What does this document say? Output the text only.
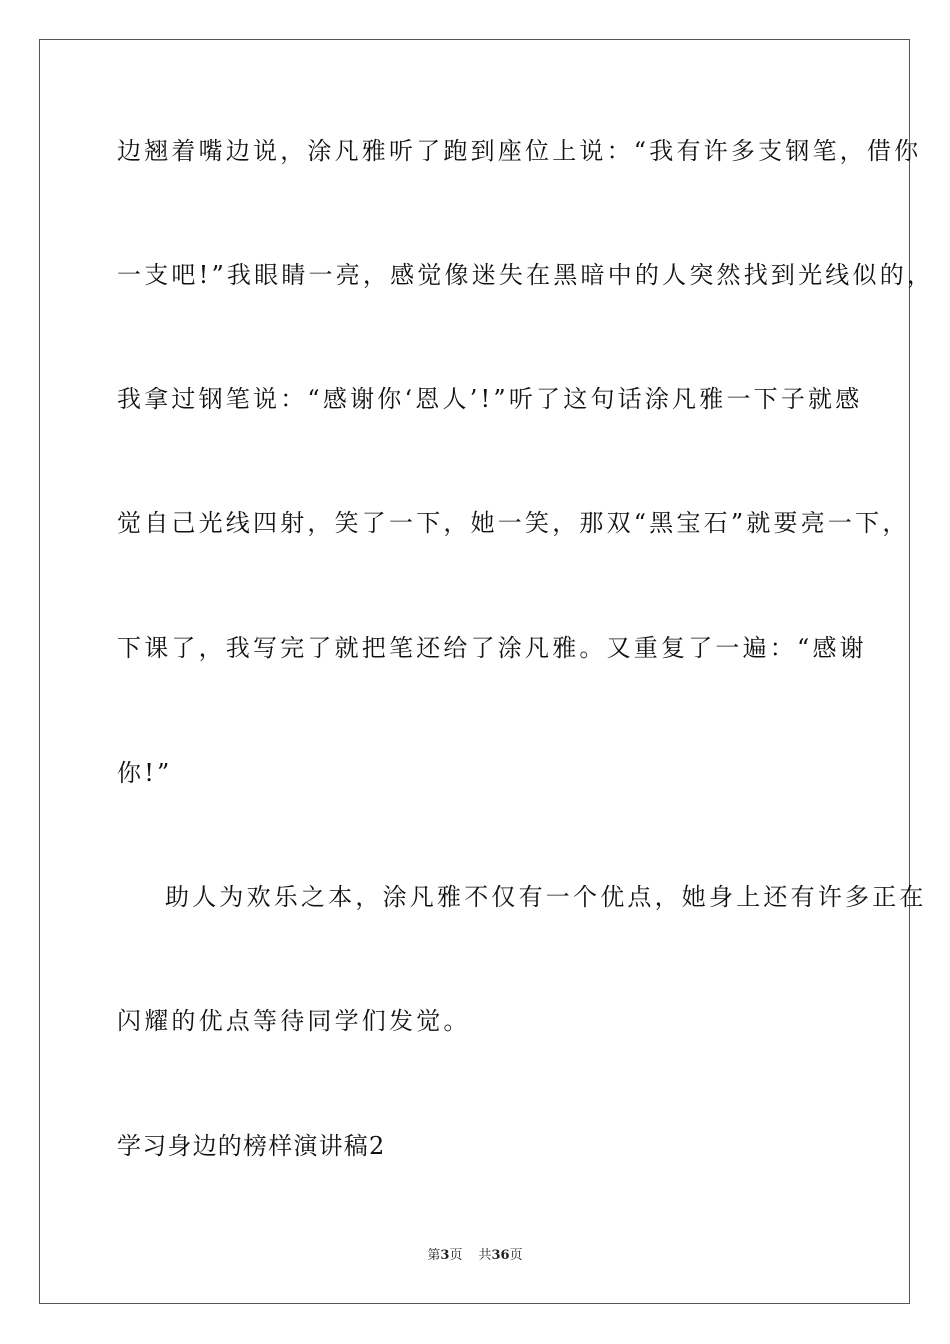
边翘着嘴边说，涂凡雅听了跑到座位上说：“我有许多支钢笔，借你
一支吧!”我眼睛一亮，感觉像迷失在黑暗中的人突然找到光线似的，
我拿过钢笔说：“感谢你‘恩人’!”听了这句话涂凡雅一下子就感
觉自己光线四射，笑了一下，她一笑，那双“黑宝石”就要亮一下，
下课了，我写完了就把笔还给了涂凡雅。又重复了一遍：“感谢
你!”
助人为欢乐之本，涂凡雅不仅有一个优点，她身上还有许多正在
闪耀的优点等待同学们发觉。
学习身边的榜样演讲稿2
第3页 共36页
